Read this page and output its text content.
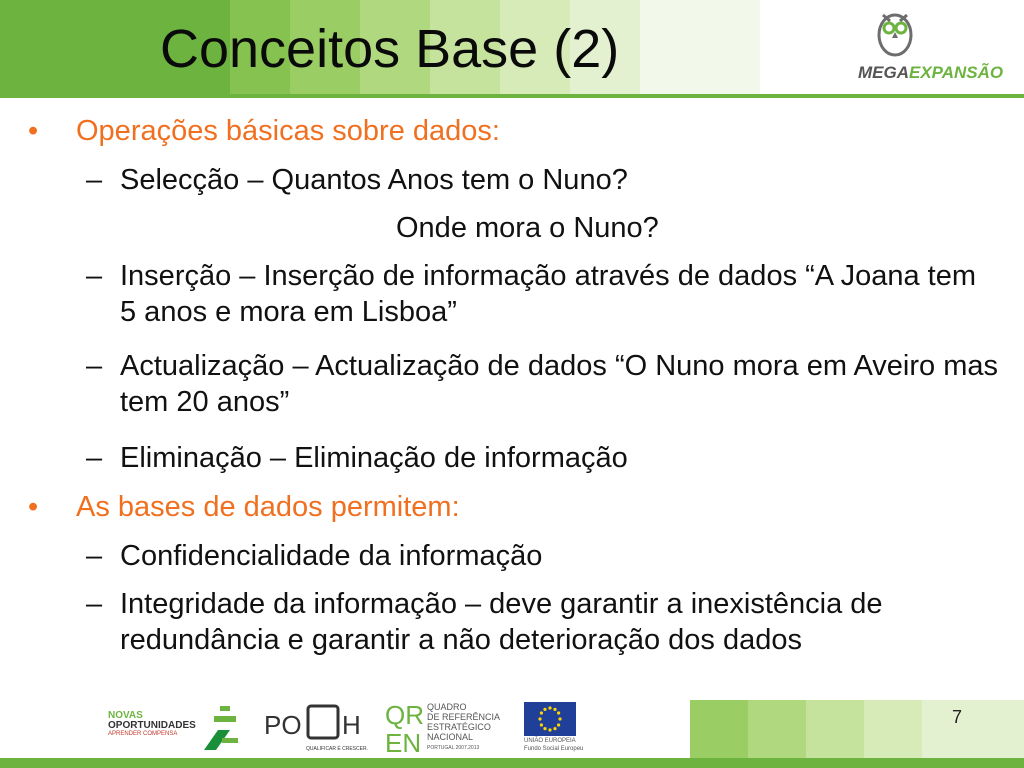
Conceitos Base (2)	MEGAEXPANSÃO
• Operações básicas sobre dados:
– Selecção – Quantos Anos tem o Nuno?
Onde mora o Nuno?
– Inserção – Inserção de informação através de dados “A Joana tem 5 anos e mora em Lisboa”
– Actualização – Actualização de dados “O Nuno mora em Aveiro mas tem 20 anos”
– Eliminação – Eliminação de informação
• As bases de dados permitem:
– Confidencialidade da informação
– Integridade da informação – deve garantir a inexistência de redundância e garantir a não deterioração dos dados
7
NOVAS
OPORTUNIDADES
APRENDER COMPENSA	PO H
QUALIFICAR É CRESCER.
QR
EN
QUADRO
DE REFERÊNCIA
ESTRATÉGICO
NACIONAL
PORTUGAL 2007.2013
UNIÃO EUROPEIA
Fundo Social Europeu
